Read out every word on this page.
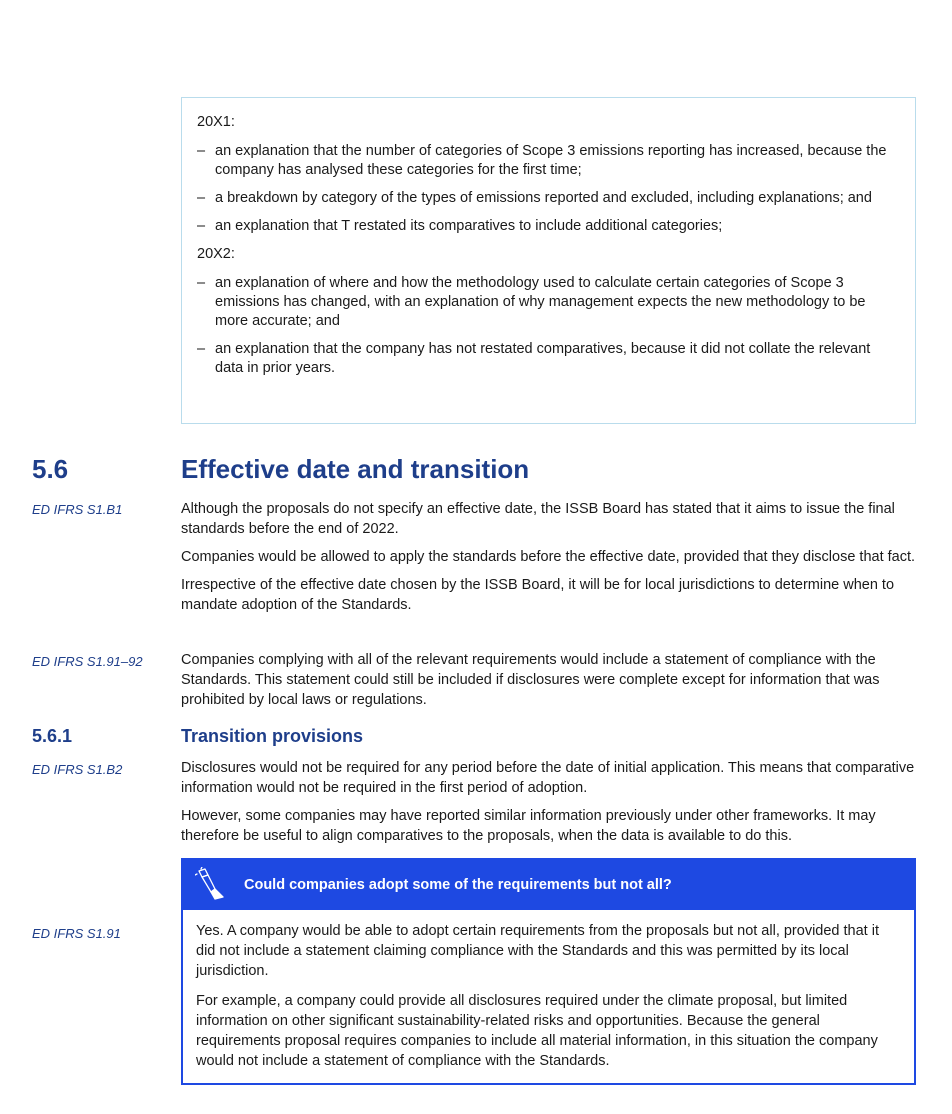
20X1:

– an explanation that the number of categories of Scope 3 emissions reporting has increased, because the company has analysed these categories for the first time;
– a breakdown by category of the types of emissions reported and excluded, including explanations; and
– an explanation that T restated its comparatives to include additional categories;

20X2:

– an explanation of where and how the methodology used to calculate certain categories of Scope 3 emissions has changed, with an explanation of why management expects the new methodology to be more accurate; and
– an explanation that the company has not restated comparatives, because it did not collate the relevant data in prior years.
5.6	Effective date and transition
ED IFRS S1.B1	Although the proposals do not specify an effective date, the ISSB Board has stated that it aims to issue the final standards before the end of 2022.

Companies would be allowed to apply the standards before the effective date, provided that they disclose that fact.

Irrespective of the effective date chosen by the ISSB Board, it will be for local jurisdictions to determine when to mandate adoption of the Standards.

ED IFRS S1.91–92	Companies complying with all of the relevant requirements would include a statement of compliance with the Standards. This statement could still be included if disclosures were complete except for information that was prohibited by local laws or regulations.

5.6.1	Transition provisions
ED IFRS S1.B2	Disclosures would not be required for any period before the date of initial application. This means that comparative information would not be required in the first period of adoption.

However, some companies may have reported similar information previously under other frameworks. It may therefore be useful to align comparatives to the proposals, when the data is available to do this.

ED IFRS S1.91
Could companies adopt some of the requirements but not all?

Yes. A company would be able to adopt certain requirements from the proposals but not all, provided that it did not include a statement claiming compliance with the Standards and this was permitted by its local jurisdiction.

For example, a company could provide all disclosures required under the climate proposal, but limited information on other significant sustainability-related risks and opportunities. Because the general requirements proposal requires companies to include all material information, in this situation the company would not include a statement of compliance with the Standards.
